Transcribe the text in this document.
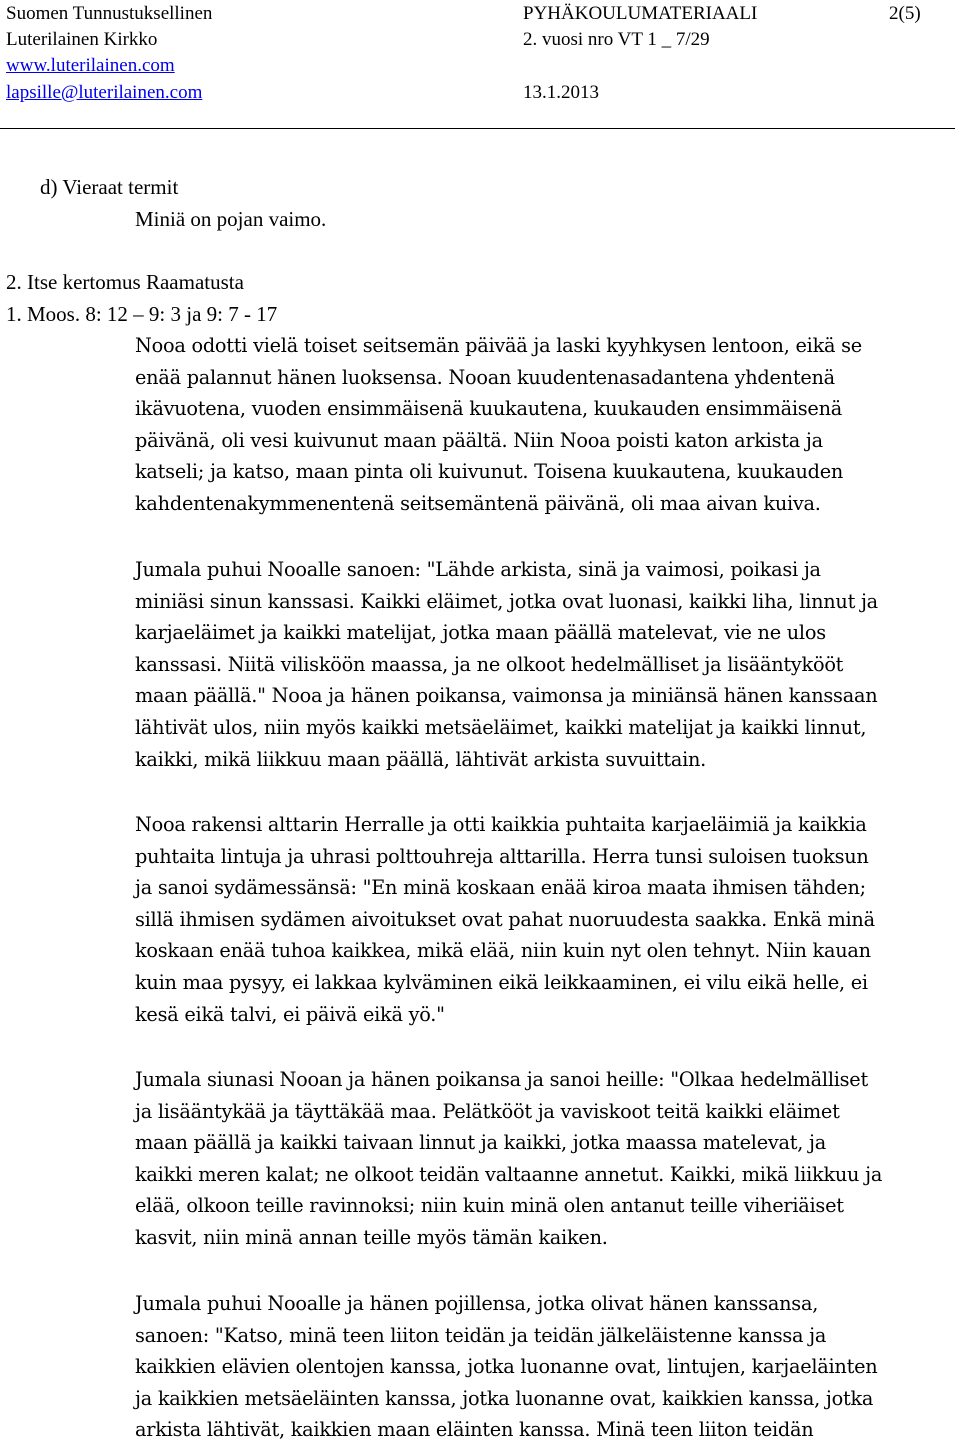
Suomen Tunnustuksellinen
Luterilainen Kirkko
www.luterilainen.com
lapsille@luterilainen.com
PYHÄKOULUMATERIAALI
2. vuosi nro VT 1 _ 7/29
13.1.2013
2(5)
d) Vieraat termit
Miniä on pojan vaimo.
2. Itse kertomus Raamatusta
1. Moos. 8: 12 – 9: 3 ja 9: 7 - 17
Nooa odotti vielä toiset seitsemän päivää ja laski kyyhkysen lentoon, eikä se
enää palannut hänen luoksensa. Nooan kuudentenasadantena yhdentenä
ikävuotena, vuoden ensimmäisenä kuukautena, kuukauden ensimmäisenä
päivänä, oli vesi kuivunut maan päältä. Niin Nooa poisti katon arkista ja
katseli; ja katso, maan pinta oli kuivunut. Toisena kuukautena, kuukauden
kahdentenakymmenentenä seitsemäntenä päivänä, oli maa aivan kuiva.
Jumala puhui Nooalle sanoen: "Lähde arkista, sinä ja vaimosi, poikasi ja
miniäsi sinun kanssasi. Kaikki eläimet, jotka ovat luonasi, kaikki liha, linnut ja
karjaeläimet ja kaikki matelijat, jotka maan päällä matelevat, vie ne ulos
kanssasi. Niitä vilisköön maassa, ja ne olkoot hedelmälliset ja lisääntykööt
maan päällä." Nooa ja hänen poikansa, vaimonsa ja miniänsä hänen kanssaan
lähtivät ulos, niin myös kaikki metsäeläimet, kaikki matelijat ja kaikki linnut,
kaikki, mikä liikkuu maan päällä, lähtivät arkista suvuittain.
Nooa rakensi alttarin Herralle ja otti kaikkia puhtaita karjaeläimiä ja kaikkia
puhtaita lintuja ja uhrasi polttouhreja alttarilla. Herra tunsi suloisen tuoksun
ja sanoi sydämessänsä: "En minä koskaan enää kiroa maata ihmisen tähden;
sillä ihmisen sydämen aivoitukset ovat pahat nuoruudesta saakka. Enkä minä
koskaan enää tuhoa kaikkea, mikä elää, niin kuin nyt olen tehnyt. Niin kauan
kuin maa pysyy, ei lakkaa kylväminen eikä leikkaaminen, ei vilu eikä helle, ei
kesä eikä talvi, ei päivä eikä yö."
Jumala siunasi Nooan ja hänen poikansa ja sanoi heille: "Olkaa hedelmälliset
ja lisääntykää ja täyttäkää maa. Pelätkööt ja vaviskoot teitä kaikki eläimet
maan päällä ja kaikki taivaan linnut ja kaikki, jotka maassa matelevat, ja
kaikki meren kalat; ne olkoot teidän valtaanne annetut. Kaikki, mikä liikkuu ja
elää, olkoon teille ravinnoksi; niin kuin minä olen antanut teille viheriäiset
kasvit, niin minä annan teille myös tämän kaiken.
Jumala puhui Nooalle ja hänen pojillensa, jotka olivat hänen kanssansa,
sanoen: "Katso, minä teen liiton teidän ja teidän jälkeläistenne kanssa ja
kaikkien elävien olentojen kanssa, jotka luonanne ovat, lintujen, karjaeläinten
ja kaikkien metsäeläinten kanssa, jotka luonanne ovat, kaikkien kanssa, jotka
arkista lähtivät, kaikkien maan eläinten kanssa. Minä teen liiton teidän
